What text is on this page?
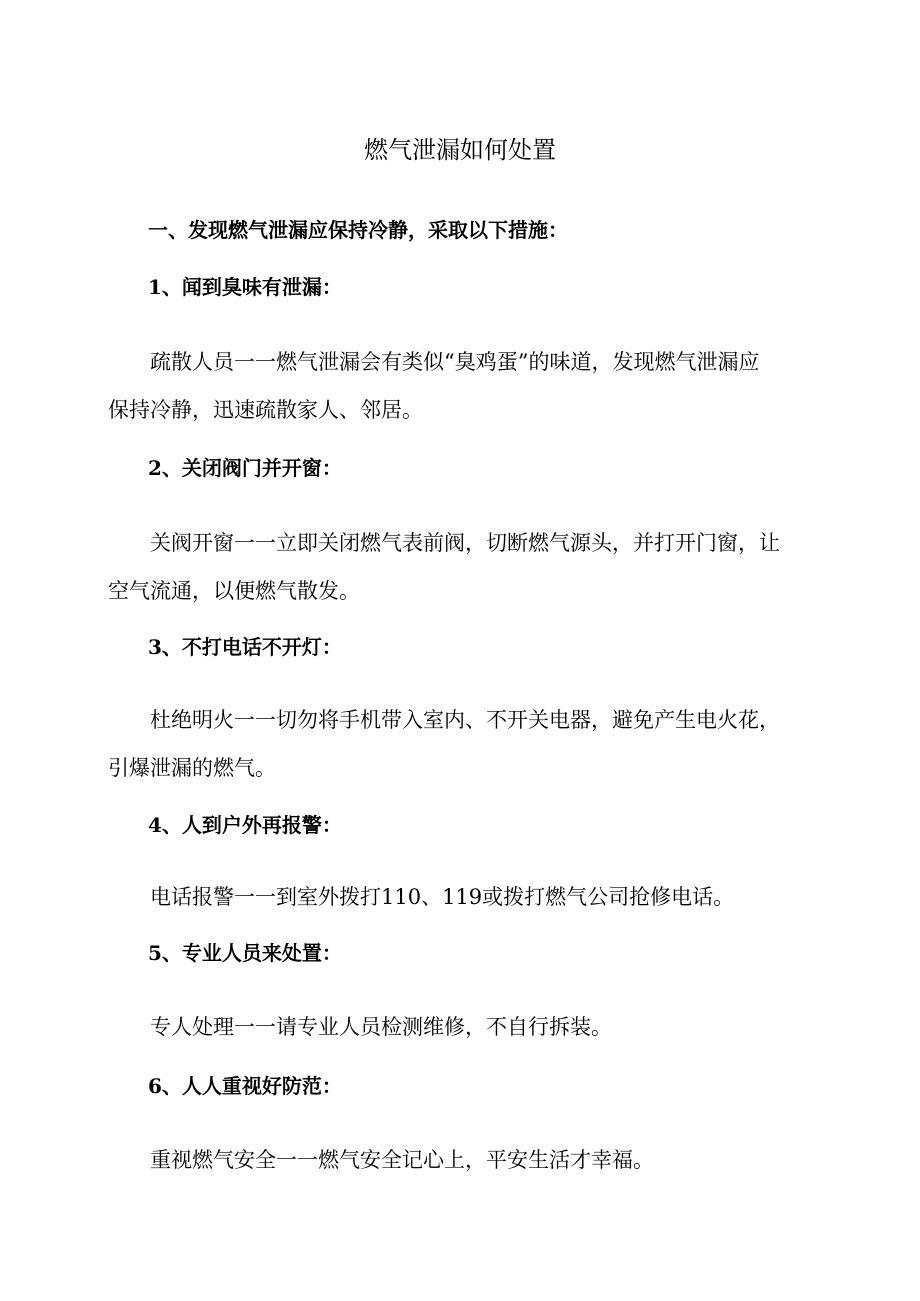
燃气泄漏如何处置
一、发现燃气泄漏应保持冷静，采取以下措施：
1、闻到臭味有泄漏：

疏散人员一一燃气泄漏会有类似“臭鸡蛋”的味道，发现燃气泄漏应
保持冷静，迅速疏散家人、邻居。

2、关闭阀门并开窗：

关阀开窗一一立即关闭燃气表前阀，切断燃气源头，并打开门窗，让
空气流通，以便燃气散发。

3、不打电话不开灯：

杜绝明火一一切勿将手机带入室内、不开关电器，避免产生电火花，
引爆泄漏的燃气。

4、人到户外再报警：

电话报警一一到室外拨打110、119或拨打燃气公司抢修电话。

5、专业人员来处置：

专人处理一一请专业人员检测维修，不自行拆装。

6、人人重视好防范：

重视燃气安全一一燃气安全记心上，平安生活才幸福。
